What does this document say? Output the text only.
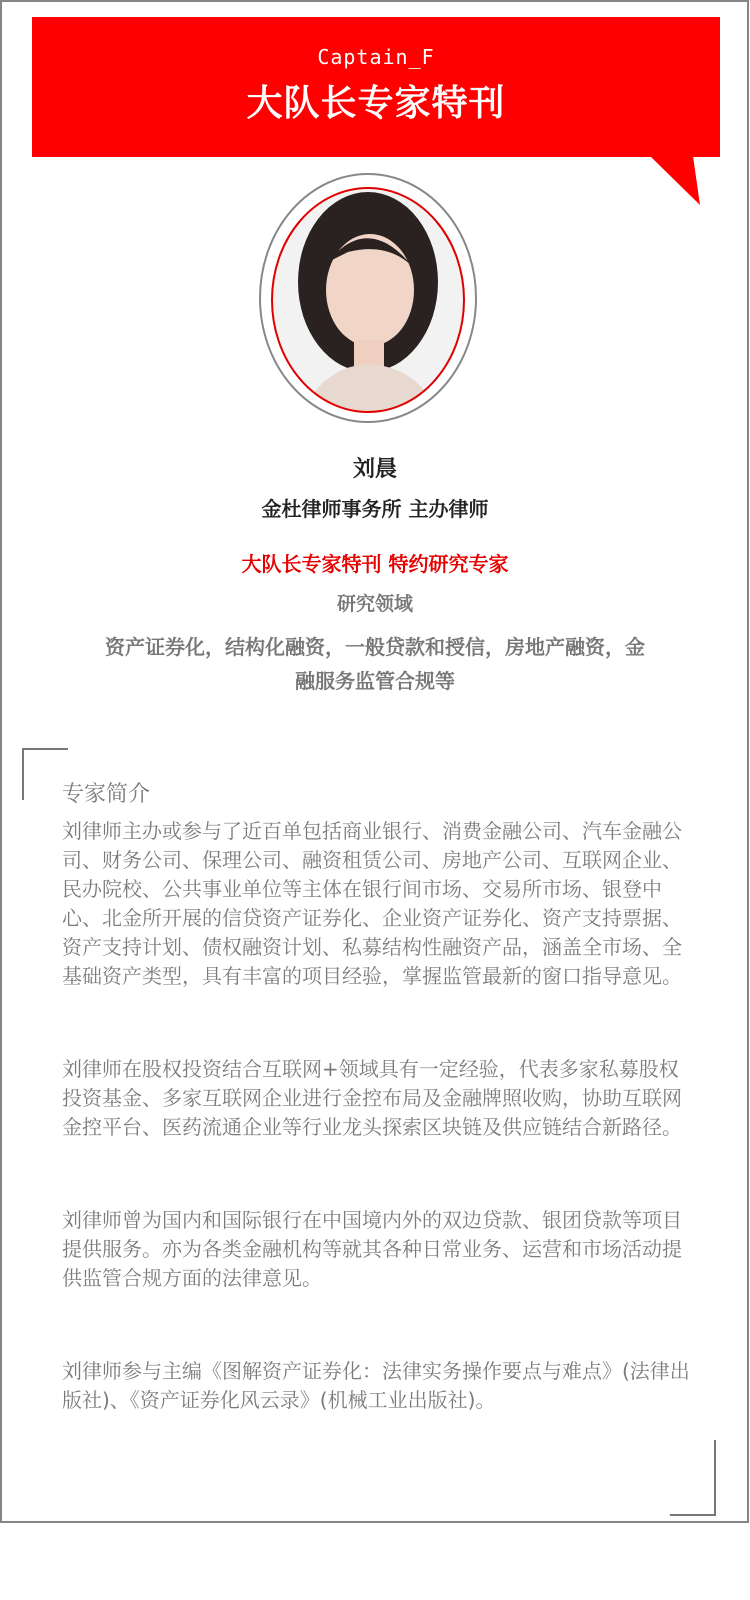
Captain_F
大队长专家特刊
刘晨
金杜律师事务所 主办律师
大队长专家特刊 特约研究专家
研究领域
资产证券化，结构化融资，一般贷款和授信，房地产融资，金融服务监管合规等
专家简介

刘律师主办或参与了近百单包括商业银行、消费金融公司、汽车金融公司、财务公司、保理公司、融资租赁公司、房地产公司、互联网企业、民办院校、公共事业单位等主体在银行间市场、交易所市场、银登中心、北金所开展的信贷资产证券化、企业资产证券化、资产支持票据、资产支持计划、债权融资计划、私募结构性融资产品，涵盖全市场、全基础资产类型，具有丰富的项目经验，掌握监管最新的窗口指导意见。

刘律师在股权投资结合互联网+领域具有一定经验，代表多家私募股权投资基金、多家互联网企业进行金控布局及金融牌照收购，协助互联网金控平台、医药流通企业等行业龙头探索区块链及供应链结合新路径。

刘律师曾为国内和国际银行在中国境内外的双边贷款、银团贷款等项目提供服务。亦为各类金融机构等就其各种日常业务、运营和市场活动提供监管合规方面的法律意见。

刘律师参与主编《图解资产证券化：法律实务操作要点与难点》(法律出版社)、《资产证券化风云录》(机械工业出版社)。
